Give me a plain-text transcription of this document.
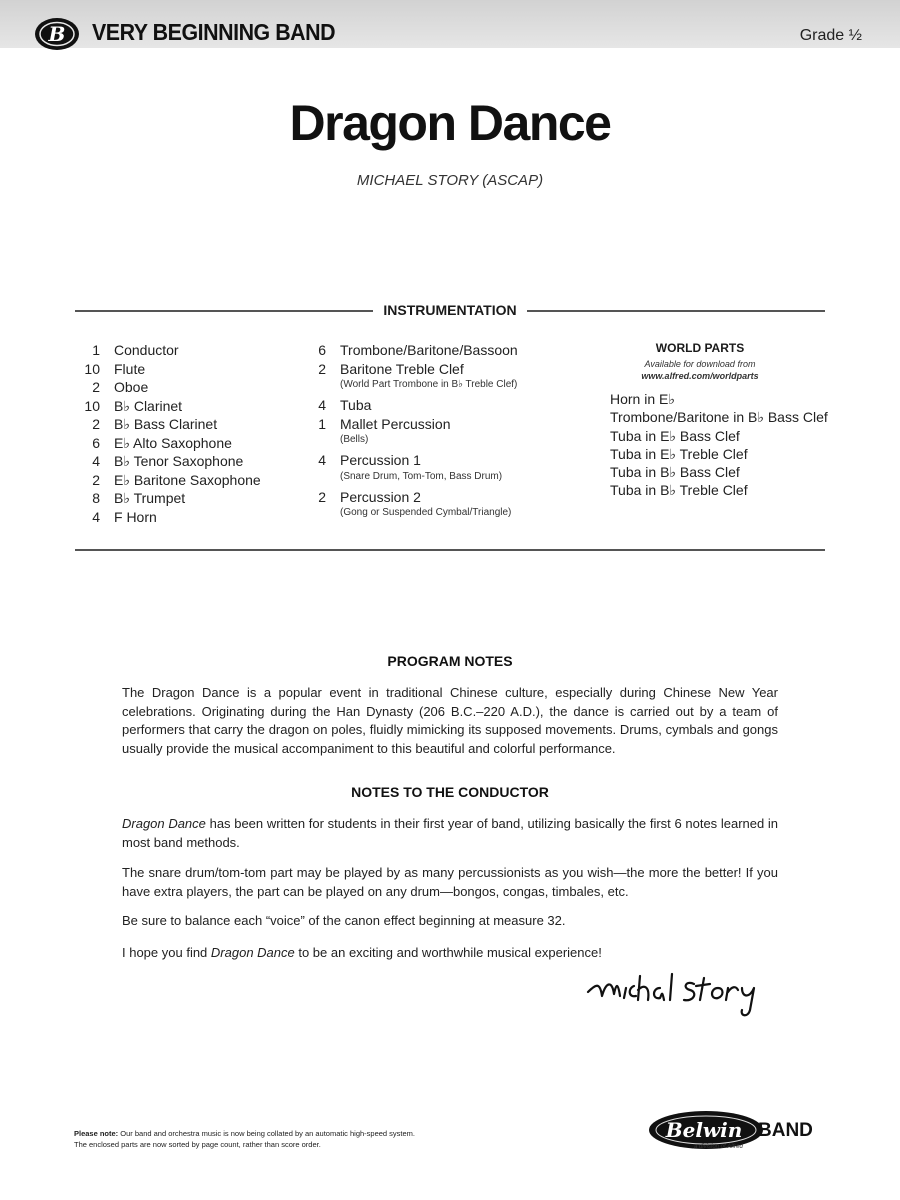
B VERY BEGINNING BAND	Grade ½
Dragon Dance
MICHAEL STORY (ASCAP)
INSTRUMENTATION
1 Conductor
10 Flute
2 Oboe
10 B♭ Clarinet
2 B♭ Bass Clarinet
6 E♭ Alto Saxophone
4 B♭ Tenor Saxophone
2 E♭ Baritone Saxophone
8 B♭ Trumpet
4 F Horn
6 Trombone/Baritone/Bassoon
2 Baritone Treble Clef
(World Part Trombone in B♭ Treble Clef)
4 Tuba
1 Mallet Percussion
(Bells)
4 Percussion 1
(Snare Drum, Tom-Tom, Bass Drum)
2 Percussion 2
(Gong or Suspended Cymbal/Triangle)
WORLD PARTS
Available for download from
www.alfred.com/worldparts
Horn in E♭
Trombone/Baritone in B♭ Bass Clef
Tuba in E♭ Bass Clef
Tuba in E♭ Treble Clef
Tuba in B♭ Bass Clef
Tuba in B♭ Treble Clef
PROGRAM NOTES
The Dragon Dance is a popular event in traditional Chinese culture, especially during Chinese New Year celebrations. Originating during the Han Dynasty (206 B.C.–220 A.D.), the dance is carried out by a team of performers that carry the dragon on poles, fluidly mimicking its supposed movements. Drums, cymbals and gongs usually provide the musical accompaniment to this beautiful and colorful performance.
NOTES TO THE CONDUCTOR
Dragon Dance has been written for students in their first year of band, utilizing basically the first 6 notes learned in most band methods.
The snare drum/tom-tom part may be played by as many percussionists as you wish—the more the better! If you have extra players, the part can be played on any drum—bongos, congas, timbales, etc.
Be sure to balance each “voice” of the canon effect beginning at measure 32.
I hope you find Dragon Dance to be an exciting and worthwhile musical experience!
Please note: Our band and orchestra music is now being collated by an automatic high-speed system.
The enclosed parts are now sorted by page count, rather than score order.
Belwin BAND
a division of Alfred
